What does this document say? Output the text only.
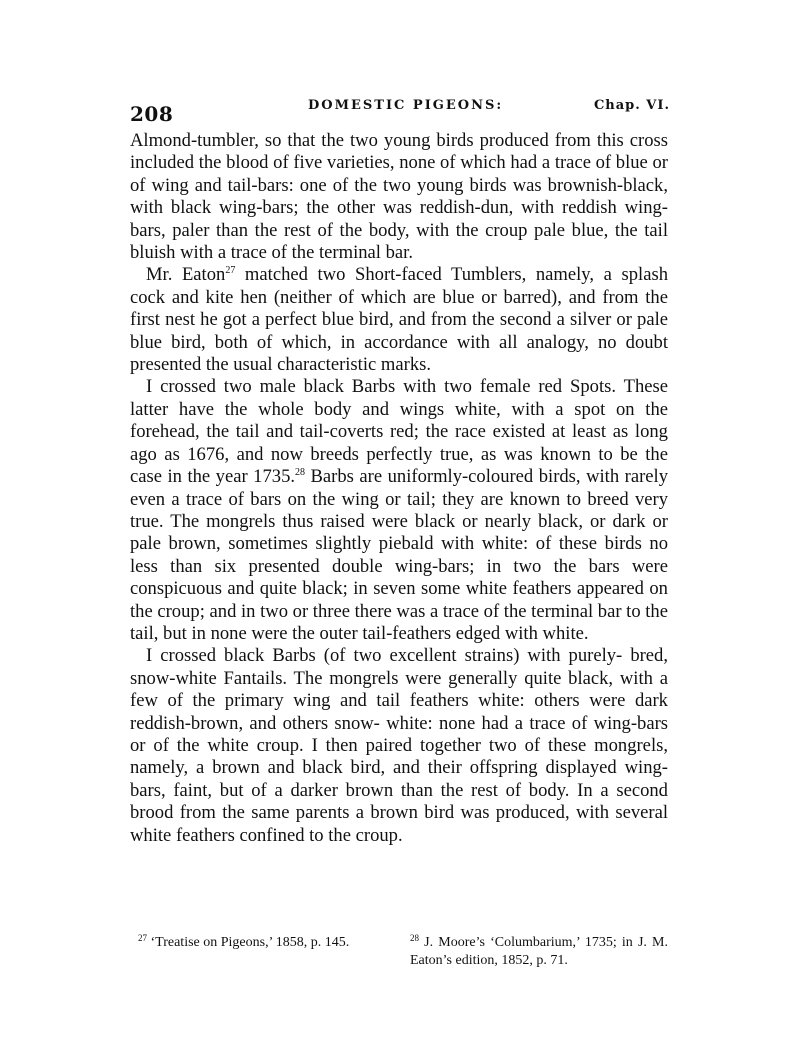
208	DOMESTIC PIGEONS:	Chap. VI.

Almond-tumbler, so that the two young birds produced from this cross included the blood of five varieties, none of which had a trace of blue or of wing and tail-bars: one of the two young birds was brownish-black, with black wing-bars; the other was reddish-dun, with reddish wing-bars, paler than the rest of the body, with the croup pale blue, the tail bluish with a trace of the terminal bar.

Mr. Eaton$^{27}$ matched two Short-faced Tumblers, namely, a splash cock and kite hen (neither of which are blue or barred), and from the first nest he got a perfect blue bird, and from the second a silver or pale blue bird, both of which, in accordance with all analogy, no doubt presented the usual characteristic marks.

I crossed two male black Barbs with two female red Spots. These latter have the whole body and wings white, with a spot on the forehead, the tail and tail-coverts red; the race existed at least as long ago as 1676, and now breeds perfectly true, as was known to be the case in the year 1735.28 Barbs are uniformly-coloured birds, with rarely even a trace of bars on the wing or tail; they are known to breed very true. The mongrels thus raised were black or nearly black, or dark or pale brown, sometimes slightly piebald with white: of these birds no less than six presented double wing-bars; in two the bars were conspicuous and quite black; in seven some white feathers appeared on the croup; and in two or three there was a trace of the terminal bar to the tail, but in none were the outer tail-feathers edged with white.

I crossed black Barbs (of two excellent strains) with purely- bred, snow-white Fantails. The mongrels were generally quite black, with a few of the primary wing and tail feathers white: others were dark reddish-brown, and others snow- white: none had a trace of wing-bars or of the white croup. I then paired together two of these mongrels, namely, a brown and black bird, and their offspring displayed wing- bars, faint, but of a darker brown than the rest of body. In a second brood from the same parents a brown bird was produced, with several white feathers confined to the croup.

$^{27}$ ‘Treatise on Pigeons,’ 1858, p. 145.	$^{28}$ J. Moore’s ‘Columbarium,’ 1735; in J. M. Eaton’s edition, 1852, p. 71.
